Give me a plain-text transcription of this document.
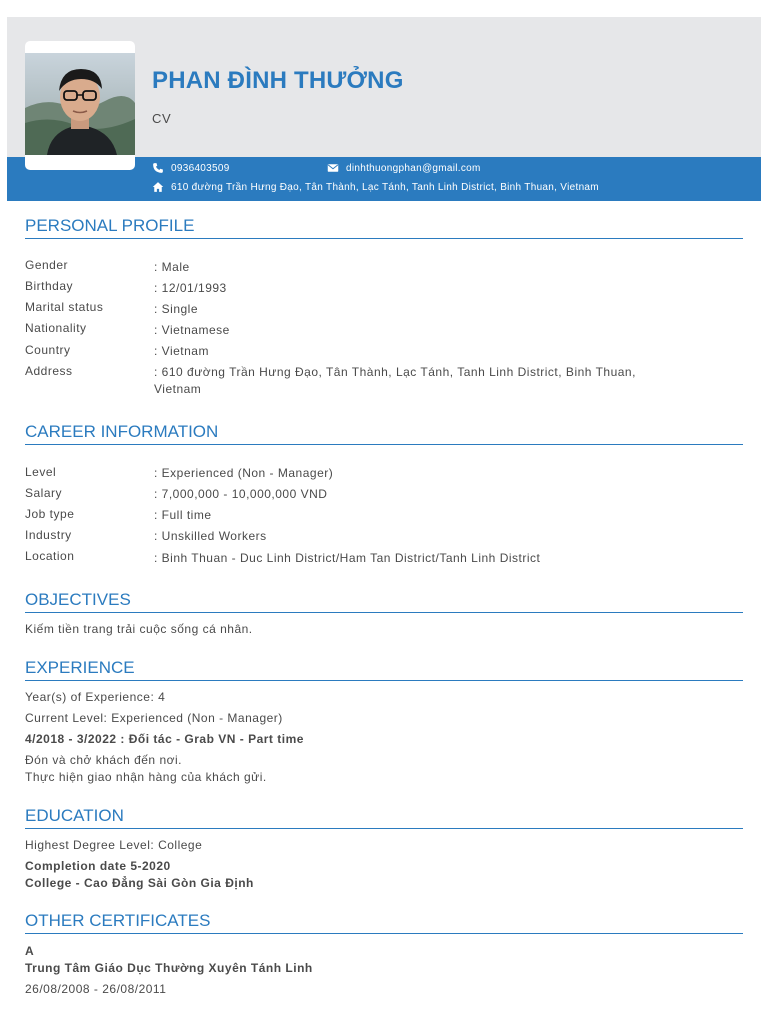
PHAN ĐÌNH THƯỞNG
CV
0936403509	dinhthuongphan@gmail.com
610 đường Trần Hưng Đạo, Tân Thành, Lạc Tánh, Tanh Linh District, Binh Thuan, Vietnam
PERSONAL PROFILE
Gender	: Male
Birthday	: 12/01/1993
Marital status	: Single
Nationality	: Vietnamese
Country	: Vietnam
Address	: 610 đường Trần Hưng Đạo, Tân Thành, Lạc Tánh, Tanh Linh District, Binh Thuan, Vietnam
CAREER INFORMATION
Level	: Experienced (Non - Manager)
Salary	: 7,000,000 - 10,000,000 VND
Job type	: Full time
Industry	: Unskilled Workers
Location	: Binh Thuan - Duc Linh District/Ham Tan District/Tanh Linh District
OBJECTIVES
Kiếm tiền trang trải cuộc sống cá nhân.
EXPERIENCE
Year(s) of Experience: 4
Current Level: Experienced (Non - Manager)
4/2018 - 3/2022 : Đối tác - Grab VN - Part time
Đón và chở khách đến nơi.
Thực hiện giao nhận hàng của khách gửi.
EDUCATION
Highest Degree Level: College
Completion date 5-2020
College - Cao Đẳng Sài Gòn Gia Định
OTHER CERTIFICATES
A
Trung Tâm Giáo Dục Thường Xuyên Tánh Linh
26/08/2008 - 26/08/2011
